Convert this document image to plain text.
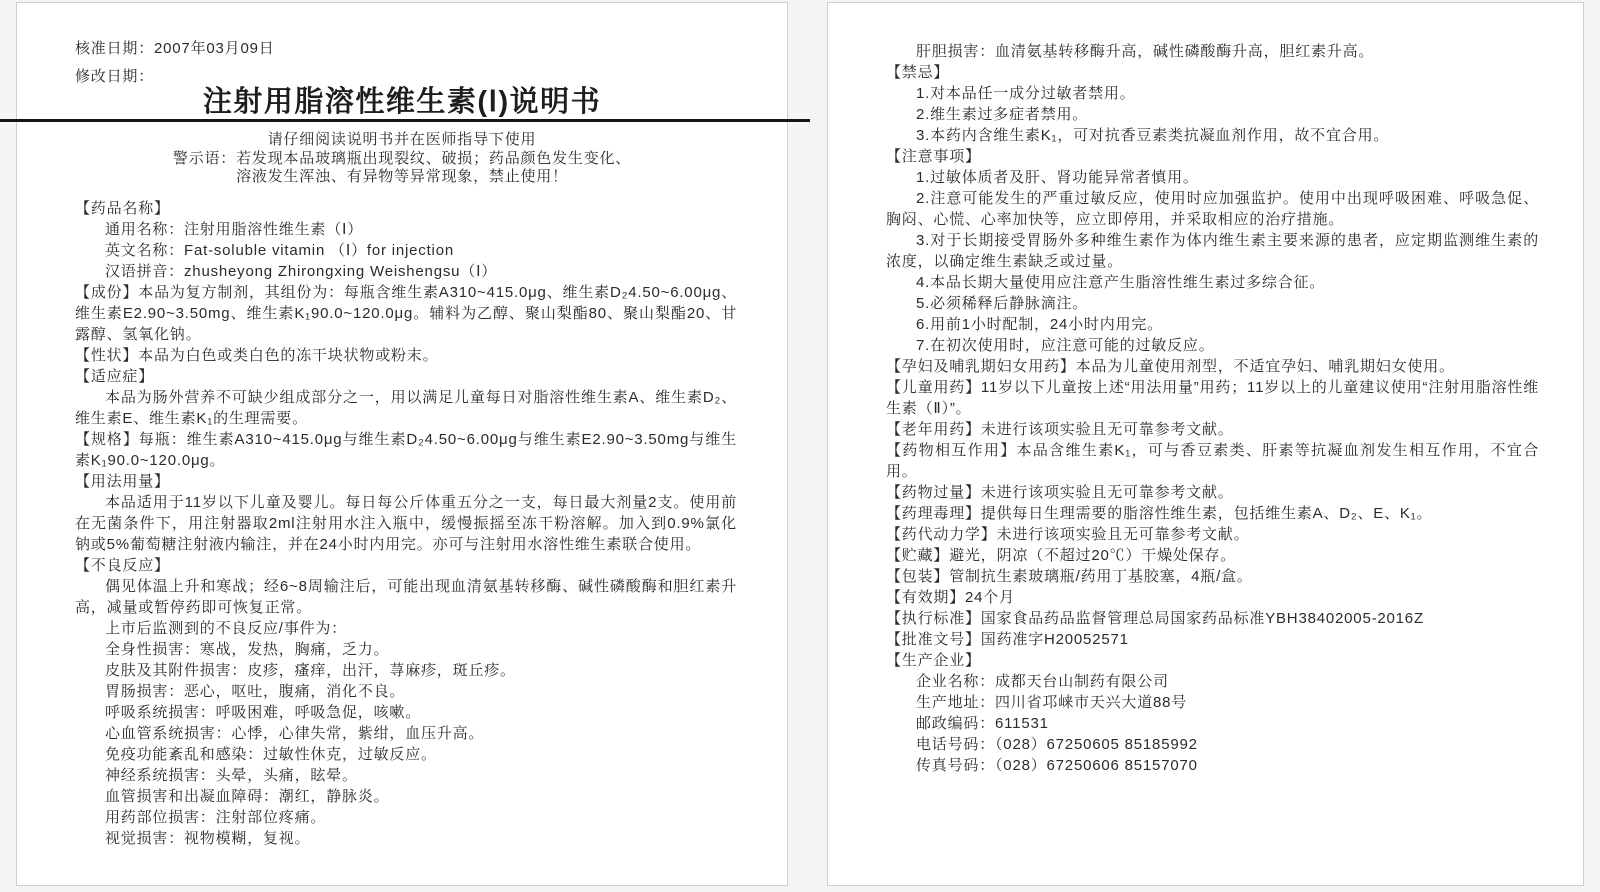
核准日期：2007年03月09日
修改日期：
注射用脂溶性维生素(Ⅰ)说明书
请仔细阅读说明书并在医师指导下使用
警示语：若发现本品玻璃瓶出现裂纹、破损；药品颜色发生变化、
溶液发生浑浊、有异物等异常现象，禁止使用！

【药品名称】

通用名称：注射用脂溶性维生素（Ⅰ）

英文名称：Fat-soluble vitamin （Ⅰ）for injection

汉语拼音：zhusheyong Zhirongxing Weishengsu（Ⅰ）

【成份】本品为复方制剂，其组份为：每瓶含维生素A310~415.0μg、维生素D₂4.50~6.00μg、维生素E2.90~3.50mg、维生素K₁90.0~120.0μg。辅料为乙醇、聚山梨酯80、聚山梨酯20、甘露醇、氢氧化钠。

【性状】本品为白色或类白色的冻干块状物或粉末。

【适应症】

本品为肠外营养不可缺少组成部分之一，用以满足儿童每日对脂溶性维生素A、维生素D₂、维生素E、维生素K₁的生理需要。

【规格】每瓶：维生素A310~415.0μg与维生素D₂4.50~6.00μg与维生素E2.90~3.50mg与维生素K₁90.0~120.0μg。

【用法用量】

本品适用于11岁以下儿童及婴儿。每日每公斤体重五分之一支，每日最大剂量2支。使用前在无菌条件下，用注射器取2ml注射用水注入瓶中，缓慢振摇至冻干粉溶解。加入到0.9%氯化钠或5%葡萄糖注射液内输注，并在24小时内用完。亦可与注射用水溶性维生素联合使用。

【不良反应】

偶见体温上升和寒战；经6~8周输注后，可能出现血清氨基转移酶、碱性磷酸酶和胆红素升高，减量或暂停药即可恢复正常。

上市后监测到的不良反应/事件为：

全身性损害：寒战，发热，胸痛，乏力。

皮肤及其附件损害：皮疹，瘙痒，出汗，荨麻疹，斑丘疹。

胃肠损害：恶心，呕吐，腹痛，消化不良。

呼吸系统损害：呼吸困难，呼吸急促，咳嗽。

心血管系统损害：心悸，心律失常，紫绀，血压升高。

免疫功能紊乱和感染：过敏性休克，过敏反应。

神经系统损害：头晕，头痛，眩晕。

血管损害和出凝血障碍：潮红，静脉炎。

用药部位损害：注射部位疼痛。

视觉损害：视物模糊，复视。

肝胆损害：血清氨基转移酶升高，碱性磷酸酶升高，胆红素升高。

【禁忌】

1.对本品任一成分过敏者禁用。

2.维生素过多症者禁用。

3.本药内含维生素K₁，可对抗香豆素类抗凝血剂作用，故不宜合用。

【注意事项】

1.过敏体质者及肝、肾功能异常者慎用。

2.注意可能发生的严重过敏反应，使用时应加强监护。使用中出现呼吸困难、呼吸急促、胸闷、心慌、心率加快等，应立即停用，并采取相应的治疗措施。

3.对于长期接受胃肠外多种维生素作为体内维生素主要来源的患者，应定期监测维生素的浓度，以确定维生素缺乏或过量。

4.本品长期大量使用应注意产生脂溶性维生素过多综合征。

5.必须稀释后静脉滴注。

6.用前1小时配制，24小时内用完。

7.在初次使用时，应注意可能的过敏反应。

【孕妇及哺乳期妇女用药】本品为儿童使用剂型，不适宜孕妇、哺乳期妇女使用。

【儿童用药】11岁以下儿童按上述“用法用量”用药；11岁以上的儿童建议使用“注射用脂溶性维生素（Ⅱ）”。

【老年用药】未进行该项实验且无可靠参考文献。

【药物相互作用】本品含维生素K₁，可与香豆素类、肝素等抗凝血剂发生相互作用，不宜合用。

【药物过量】未进行该项实验且无可靠参考文献。

【药理毒理】提供每日生理需要的脂溶性维生素，包括维生素A、D₂、E、K₁。

【药代动力学】未进行该项实验且无可靠参考文献。

【贮藏】避光，阴凉（不超过20℃）干燥处保存。

【包装】管制抗生素玻璃瓶/药用丁基胶塞，4瓶/盒。

【有效期】24个月

【执行标准】国家食品药品监督管理总局国家药品标准YBH38402005-2016Z

【批准文号】国药准字H20052571

【生产企业】

企业名称：成都天台山制药有限公司

生产地址：四川省邛崃市天兴大道88号

邮政编码：611531

电话号码：（028）67250605 85185992

传真号码：（028）67250606 85157070
